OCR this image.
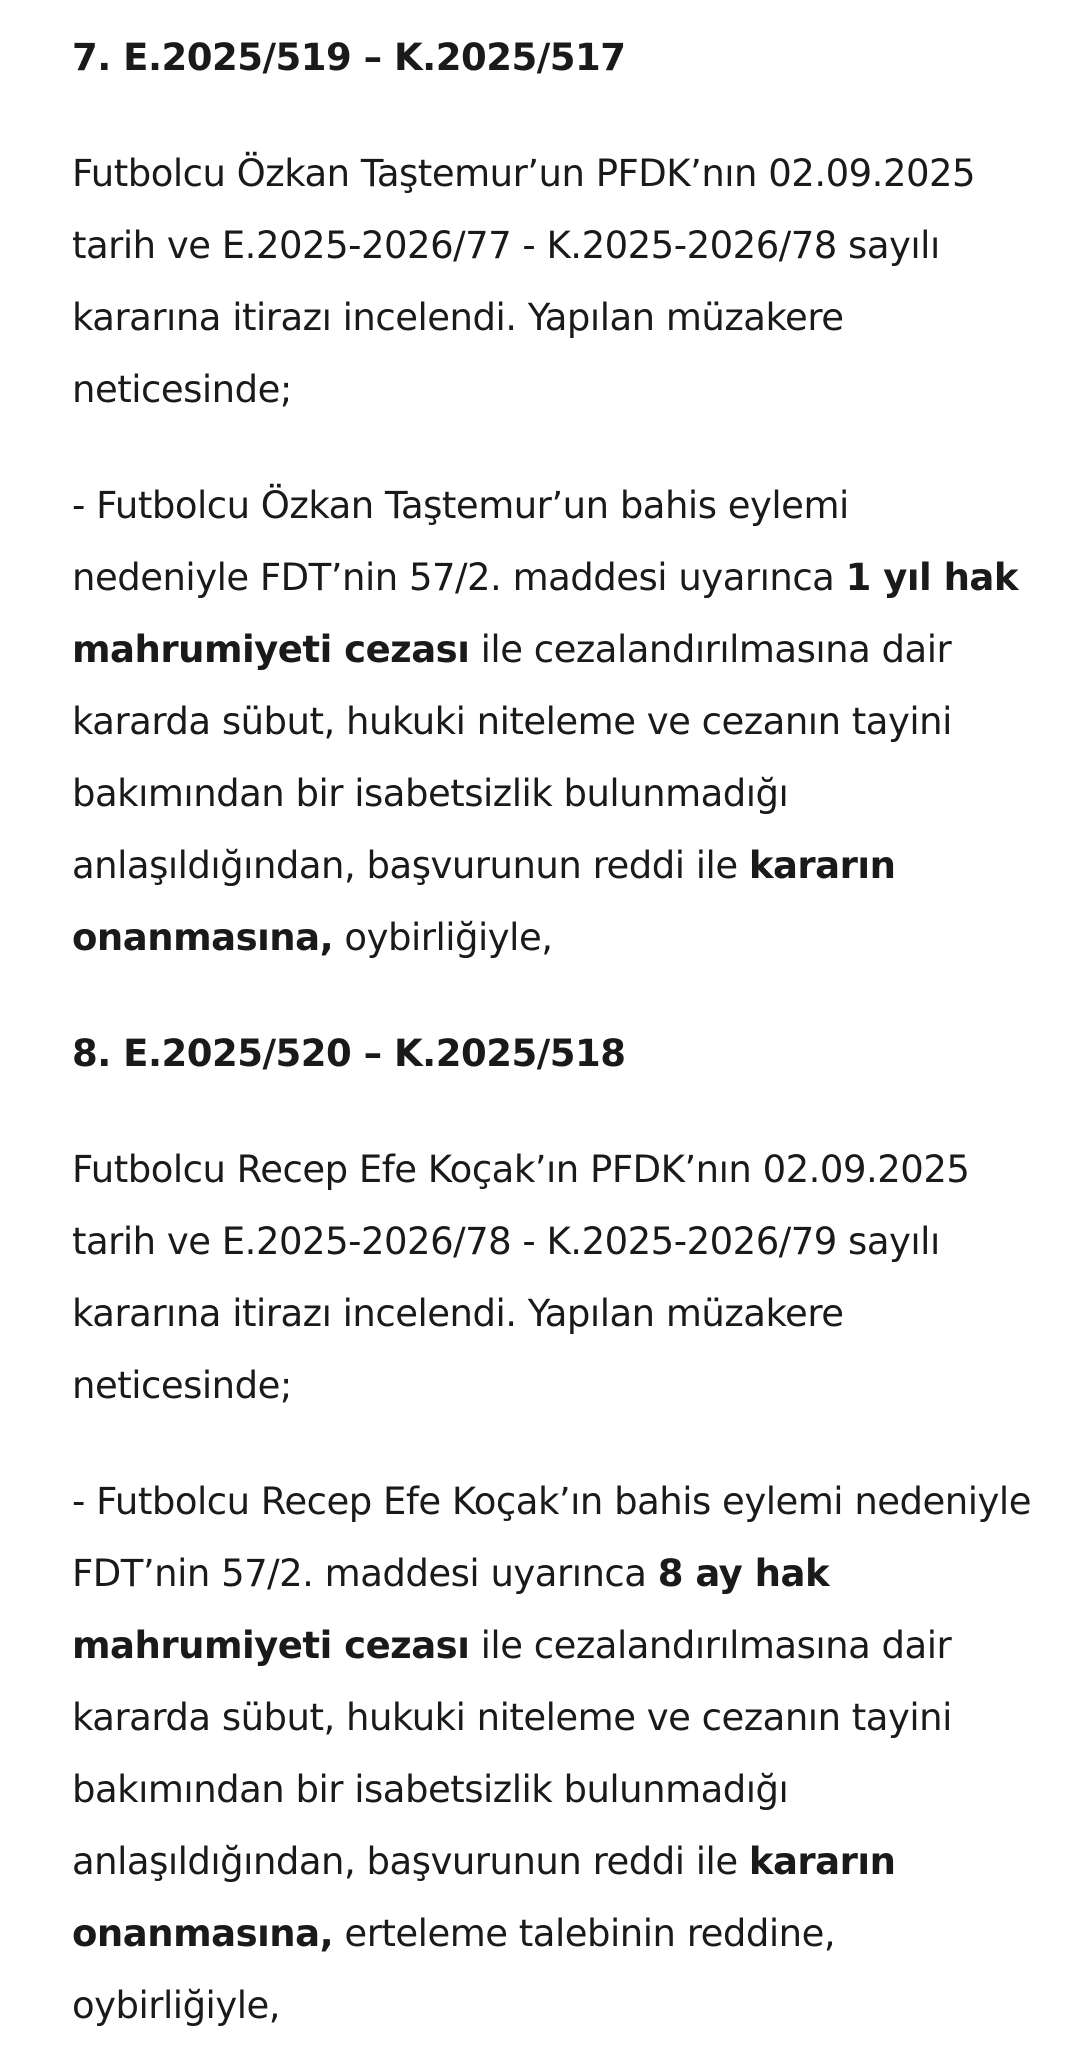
7. E.2025/519 – K.2025/517

Futbolcu Özkan Taştemur’un PFDK’nın 02.09.2025 tarih ve E.2025-2026/77 - K.2025-2026/78 sayılı kararına itirazı incelendi. Yapılan müzakere neticesinde;

- Futbolcu Özkan Taştemur’un bahis eylemi nedeniyle FDT’nin 57/2. maddesi uyarınca 1 yıl hak mahrumiyeti cezası ile cezalandırılmasına dair kararda sübut, hukuki niteleme ve cezanın tayini bakımından bir isabetsizlik bulunmadığı anlaşıldığından, başvurunun reddi ile kararın onanmasına, oybirliğiyle,

8. E.2025/520 – K.2025/518

Futbolcu Recep Efe Koçak’ın PFDK’nın 02.09.2025 tarih ve E.2025-2026/78 - K.2025-2026/79 sayılı kararına itirazı incelendi. Yapılan müzakere neticesinde;

- Futbolcu Recep Efe Koçak’ın bahis eylemi nedeniyle FDT’nin 57/2. maddesi uyarınca 8 ay hak mahrumiyeti cezası ile cezalandırılmasına dair kararda sübut, hukuki niteleme ve cezanın tayini bakımından bir isabetsizlik bulunmadığı anlaşıldığından, başvurunun reddi ile kararın onanmasına, erteleme talebinin reddine, oybirliğiyle,
